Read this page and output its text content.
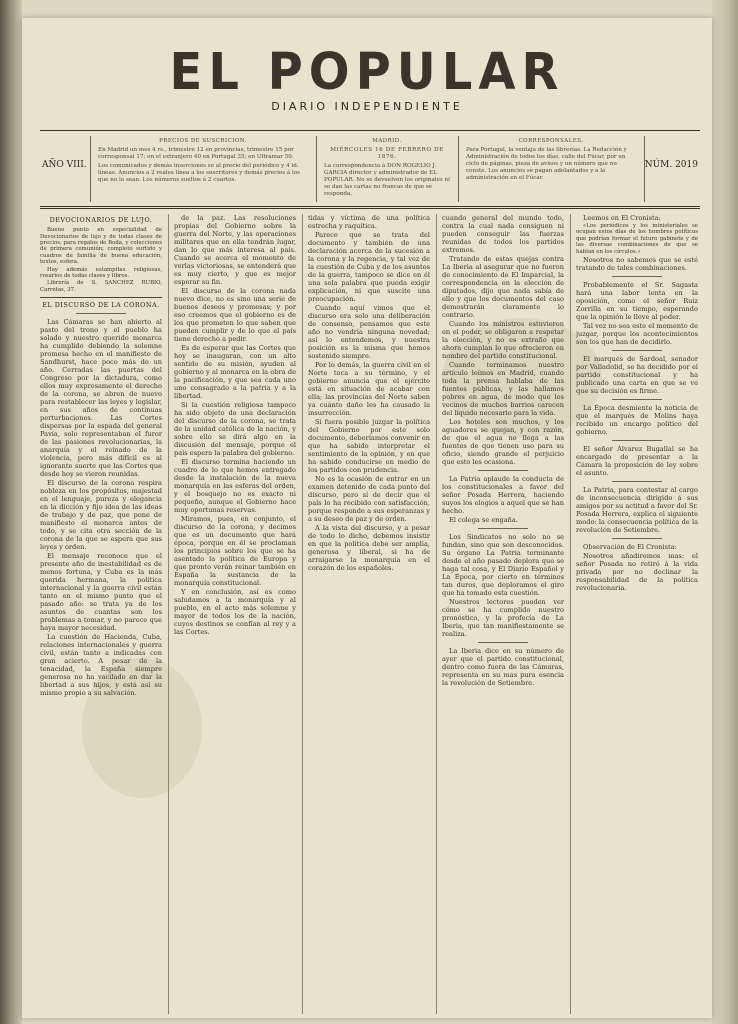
EL POPULAR
DIARIO INDEPENDIENTE
AÑO VIII.
PRECIOS DE SUSCRICION.
En Madrid un mes 4 rs., trimestre 12 en provincias, trimestre 15 por corresponsal 17; en el extranjero 40 en Portugal 35; en Ultramar 50.
Los comunicados y demás inserciones se al precio del periódico y 4 id. líneas. Anuncios a 2 reales línea a los suscritores y demás precios á los que no lo sean. Los números sueltos á 2 cuartos.
MADRID.
MIÉRCOLES 16 DE FEBRERO DE 1876.
La correspondencia á DON ROGELIO J. GARCIA director y administrador de EL POPULAR. No se devuelven los originales ni se dan las cartas no francas de que se responda.
CORRESPONSALES.
Para Portugal, la ventaja de las librerías. La Redacción y Administración de todos los días, calle del Fúcar, por un ciclo de páginas, pieza de avisos y un número que no conste. Los anuncios se pagan adelantados y a la administración en el Fúcar.
NÚM. 2019
DEVOCIONARIOS DE LUJO.

Bueno punto en especialidad de Devocionarios de lujo y de todas clases de precios, para regalos de Boda, y colecciones de primera comunión; completo surtido y cuadros de familia de buena educación, textos, esfera.

Hay además estampitas religiosas, rosarios de todas clases y libros.

Librería de S. SANCHEZ RUBIO, Carretas, 37.

EL DISCURSO DE LA CORONA.

Las Cámaras se han abierto al pasto del trono y el pueblo ha solado y nuestro querido monarca ha cumplido debiendo la solemne promesa hecho en el manifiesto de Sandhurst, hace poco más de un año. Cerradas las puertas del Congreso por la dictadura, como ellos muy expresamente el derecho de la corona, se abren de nuevo para restablecer las leyes y legislar, en sus años de continuas perturbaciones. Las Cortes dispersas por la espada del general Pavía, solo representaban el furor de las pasiones revolucionarias, la anarquía y el reinado de la violencia, pero más difícil es al ignorante suerte que las Cortes que desde hoy se vieron reunidas.

El discurso de la corona respira nobleza en los propósitos, majestad en el lenguaje, pureza y elegancia en la dicción y fijo idea de las ideas de trabajo y de paz, que pone de manifiesto el monarca antes de todo, y se cita otra sección de la corona de la que se espera que sus leyes y orden.

El mensaje reconoce que el presente año de inestabilidad es de menos fortuna, y Cuba es la más querida hermana, la política internacional y la guerra civil están tanto en el mismo punto que el pasado año: se trata ya de los asuntos de cuantas son los problemas a tomar, y no parece que haya mayor necesidad.

La cuestión de Hacienda, Cuba, relaciones internacionales y guerra civil, están tanto a indicadas con gran acierto. A pesar de la tenacidad, la España siempre generosa no ha vacilado en dar la libertad a sus hijos, y está así su mismo propio a su salvación.

de la paz. Las resoluciones propias del Gobierno sobre la guerra del Norte, y las operaciones militares que en ella tendrán lugar, dan lo que más interesa al país. Cuando se acerca el momento de verlas victoriosas, se entenderá que es muy cierto, y que es mejor esperar su fin.

El discurso de la corona nada nuevo dice, no es sino una serie de buenos deseos y promesas; y por eso creemos que el gobierno es de los que prometen lo que saben que pueden cumplir y de lo que el país tiene derecho a pedir.

Es de esperar que las Cortes que hoy se inauguran, con un alto sentido de su misión, ayuden al gobierno y al monarca en la obra de la pacificación, y que sea cada uno uno consagrado a la patria y a la libertad.

Si la cuestión religiosa tampoco ha sido objeto de una declaración del discurso de la corona, se trata de la unidad católica de la nación, y sobre ello se dirá algo en la discusión del mensaje, porque el país espera la palabra del gobierno.

El discurso termina haciendo un cuadro de lo que hemos entregado desde la instalación de la nueva monarquía en las esferas del orden, y el bosquejo no es exacto ni pequeño, aunque el Gobierno hace muy oportunas reservas.

Miramos, pues, en conjunto, el discurso de la corona, y decimos que es un documento que hará época, porque en él se proclaman los principios sobre los que se ha asentado la política de Europa y que pronto verán reinar también en España la sustancia de la monarquía constitucional.

Y en conclusión, así es como saludamos a la monarquía y al pueblo, en el acto más solemne y mayor de todos los de la nación, cuyos destinos se confían al rey y a las Cortes.

tidas y víctima de una política estrecha y raquítica.

Parece que se trata del documento y también de una declaración acerca de la sucesión a la corona y la regencia, y tal vez de la cuestión de Cuba y de los asuntos de la guerra, tampoco se dice en él una sola palabra que pueda exigir explicación, ni que suscite una preocupación.

Cuando aquí vimos que el discurso era solo una deliberación de consenso, pensamos que este año no vendría ninguna novedad; así lo entendemos, y nuestra posición es la misma que hemos sostenido siempre.

Por lo demás, la guerra civil en el Norte toca a su término, y el gobierno anuncia que el ejército está en situación de acabar con ella; las provincias del Norte saben ya cuánto daño les ha causado la insurrección.

Si fuera posible juzgar la política del Gobierno por este solo documento, deberíamos convenir en que ha sabido interpretar el sentimiento de la opinión, y en que ha sabido conducirse en medio de los partidos con prudencia.

No es la ocasión de entrar en un examen detenido de cada punto del discurso, pero sí de decir que el país lo ha recibido con satisfacción, porque responde a sus esperanzas y a su deseo de paz y de orden.

A la vista del discurso, y a pesar de todo lo dicho, debemos insistir en que la política debe ser amplia, generosa y liberal, si ha de arraigarse la monarquía en el corazón de los españoles.

cuando general del mundo todo, contra la cual nada consiguen ni pueden conseguir las fuerzas reunidas de todos los partidos extremos.

Tratando de estas quejas contra La Iberia al asegurar que no fueron de conocimiento de El Imparcial, la correspondencia en la elección de diputados, dijo que nada sabía de ello y que los documentos del caso demostrarán claramente lo contrario.

Cuando los ministros estuvieron en el poder, se obligaron a respetar la elección, y no es extraño que ahora cumplan lo que ofrecieron en nombre del partido constitucional.

Cuando terminamos nuestro artículo leímos en Madrid, cuando toda la prensa hablaba de las fuentes públicas, y las hallamos pobres en agua, de modo que los vecinos de muchos barrios carecen del líquido necesario para la vida.

Los hoteles son muchos, y los aguadores se quejan, y con razón, de que el agua no llega a las fuentes de que tienen uso para su oficio, siendo grande el perjuicio que esto les ocasiona.

La Patria aplaude la conducta de los constitucionales a favor del señor Posada Herrera, haciendo suyos los elogios a aquel que se han hecho.

El colega se engaña.

Los Sindicatos no solo no se fundan, sino que son desconocidos. Su órgano La Patria terminante desde el año pasado deplora que se haga tal cosa, y El Diario Español y La Época, por cierto en términos tan duros, que deploramos el giro que ha tomado esta cuestión.

Nuestros lectores pueden ver cómo se ha cumplido nuestro pronóstico, y la profecía de La Iberia, que tan manifiestamente se realiza.

La Iberia dice en su número de ayer que el partido constitucional, dentro como fuera de las Cámaras, representa en su mas pura esencia la revolución de Setiembre.

Leemos en El Cronista:

«Los periódicos y los ministeriales se ocupan estos días de los hombres políticos que podrían formar el futuro gabinete y de las diversas combinaciones de que se hablan en los círculos.»

Nosotros no sabemos que se esté tratando de tales combinaciones.

Probablemente el Sr. Sagasta hará una labor lenta en la oposición, como el señor Ruiz Zorrilla en su tiempo, esperando que la opinión le lleve al poder.

Tal vez no sea este el momento de juzgar, porque los acontecimientos son los que han de decidirlo.

El marqués de Sardoal, senador por Valladolid, se ha decidido por el partido constitucional y ha publicado una carta en que se ve que su decisión es firme.

La Época desmiente la noticia de que el marqués de Molins haya recibido un encargo político del gobierno.

El señor Álvarez Bugallal se ha encargado de presentar a la Cámara la proposición de ley sobre el asunto.

La Patria, para contestar al cargo de inconsecuencia dirigido á sus amigos por su actitud a favor del Sr. Posada Herrera, explica el siguiente modo: la consecuencia política de la revolución de Setiembre.

Observación de El Cronista:

Nosotros añadiremos mas: el señor Posada no retiró á la vida privada por no declinar la responsabilidad de la política revolucionaria.
